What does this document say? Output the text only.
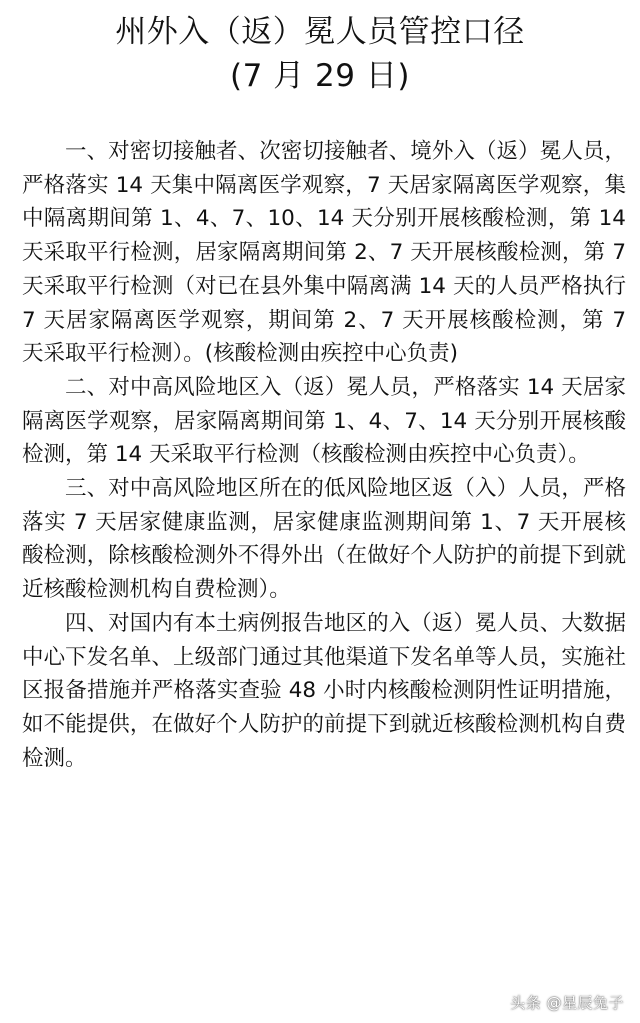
州外入（返）冕人员管控口径
(7 月 29 日)

一、对密切接触者、次密切接触者、境外入（返）冕人员，严格落实 14 天集中隔离医学观察，7 天居家隔离医学观察，集中隔离期间第 1、4、7、10、14 天分别开展核酸检测，第 14 天采取平行检测，居家隔离期间第 2、7 天开展核酸检测，第 7 天采取平行检测（对已在县外集中隔离满 14 天的人员严格执行 7 天居家隔离医学观察，期间第 2、7 天开展核酸检测，第 7 天采取平行检测）。(核酸检测由疾控中心负责)

二、对中高风险地区入（返）冕人员，严格落实 14 天居家隔离医学观察，居家隔离期间第 1、4、7、14 天分别开展核酸检测，第 14 天采取平行检测（核酸检测由疾控中心负责）。

三、对中高风险地区所在的低风险地区返（入）人员，严格落实 7 天居家健康监测，居家健康监测期间第 1、7 天开展核酸检测，除核酸检测外不得外出（在做好个人防护的前提下到就近核酸检测机构自费检测）。

四、对国内有本土病例报告地区的入（返）冕人员、大数据中心下发名单、上级部门通过其他渠道下发名单等人员，实施社区报备措施并严格落实查验 48 小时内核酸检测阴性证明措施，如不能提供，在做好个人防护的前提下到就近核酸检测机构自费检测。

头条 @星辰兔子
